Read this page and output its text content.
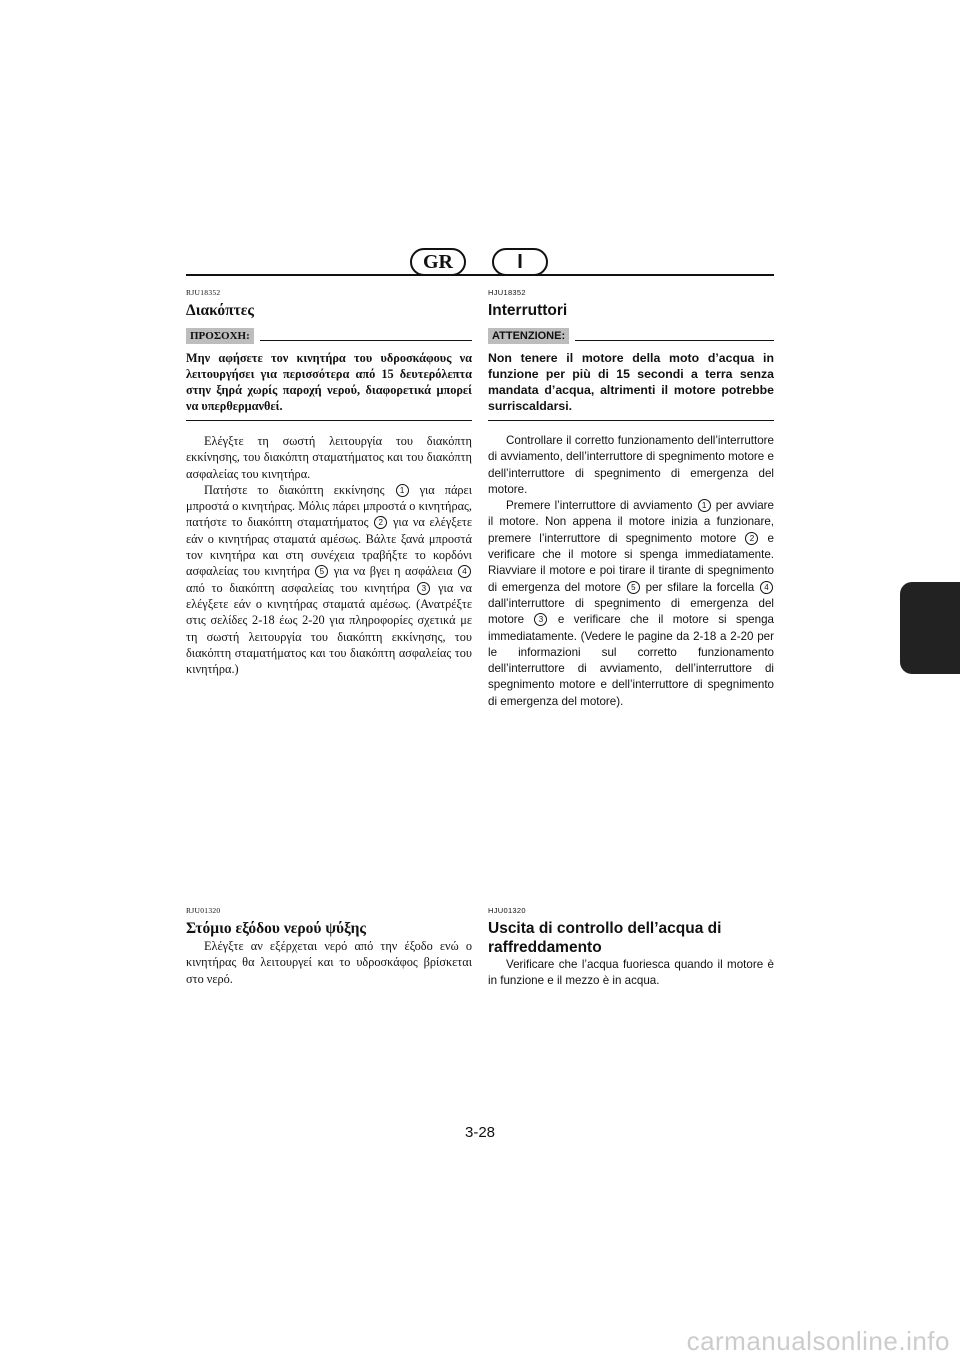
GR	I

RJU18352

Διακόπτες
ΠΡΟΣΟΧΗ:

Μην αφήσετε τον κινητήρα του υδροσκάφους να λειτουργήσει για περισσότερα από 15 δευτερόλεπτα στην ξηρά χωρίς παροχή νερού, διαφορετικά μπορεί να υπερθερμανθεί.

Ελέγξτε τη σωστή λειτουργία του διακόπτη εκκίνησης, του διακόπτη σταματήματος και του διακόπτη ασφαλείας του κινητήρα.

Πατήστε το διακόπτη εκκίνησης 1 για πάρει μπροστά ο κινητήρας. Μόλις πάρει μπροστά ο κινητήρας, πατήστε το διακόπτη σταματήματος 2 για να ελέγξετε εάν ο κινητήρας σταματά αμέσως. Βάλτε ξανά μπροστά τον κινητήρα και στη συνέχεια τραβήξτε το κορδόνι ασφαλείας του κινητήρα 5 για να βγει η ασφάλεια 4 από το διακόπτη ασφαλείας του κινητήρα 3 για να ελέγξετε εάν ο κινητήρας σταματά αμέσως. (Ανατρέξτε στις σελίδες 2-18 έως 2-20 για πληροφορίες σχετικά με τη σωστή λειτουργία του διακόπτη εκκίνησης, του διακόπτη σταματήματος και του διακόπτη ασφαλείας του κινητήρα.)

HJU18352

Interruttori
ATTENZIONE:

Non tenere il motore della moto d’acqua in funzione per più di 15 secondi a terra senza mandata d’acqua, altrimenti il motore potrebbe surriscaldarsi.

Controllare il corretto funzionamento dell’interruttore di avviamento, dell’interruttore di spegnimento motore e dell’interruttore di spegnimento di emergenza del motore.

Premere l’interruttore di avviamento 1 per avviare il motore. Non appena il motore inizia a funzionare, premere l’interruttore di spegnimento motore 2 e verificare che il motore si spenga immediatamente. Riavviare il motore e poi tirare il tirante di spegnimento di emergenza del motore 5 per sfilare la forcella 4 dall’interruttore di spegnimento di emergenza del motore 3 e verificare che il motore si spenga immediatamente. (Vedere le pagine da 2-18 a 2-20 per le informazioni sul corretto funzionamento dell’interruttore di avviamento, dell’interruttore di spegnimento motore e dell’interruttore di spegnimento di emergenza del motore).

RJU01320

Στόμιο εξόδου νερού ψύξης

Ελέγξτε αν εξέρχεται νερό από την έξοδο ενώ ο κινητήρας θα λειτουργεί και το υδροσκάφος βρίσκεται στο νερό.

HJU01320

Uscita di controllo dell’acqua di raffreddamento

Verificare che l’acqua fuoriesca quando il motore è in funzione e il mezzo è in acqua.

3-28
carmanualsonline.info
